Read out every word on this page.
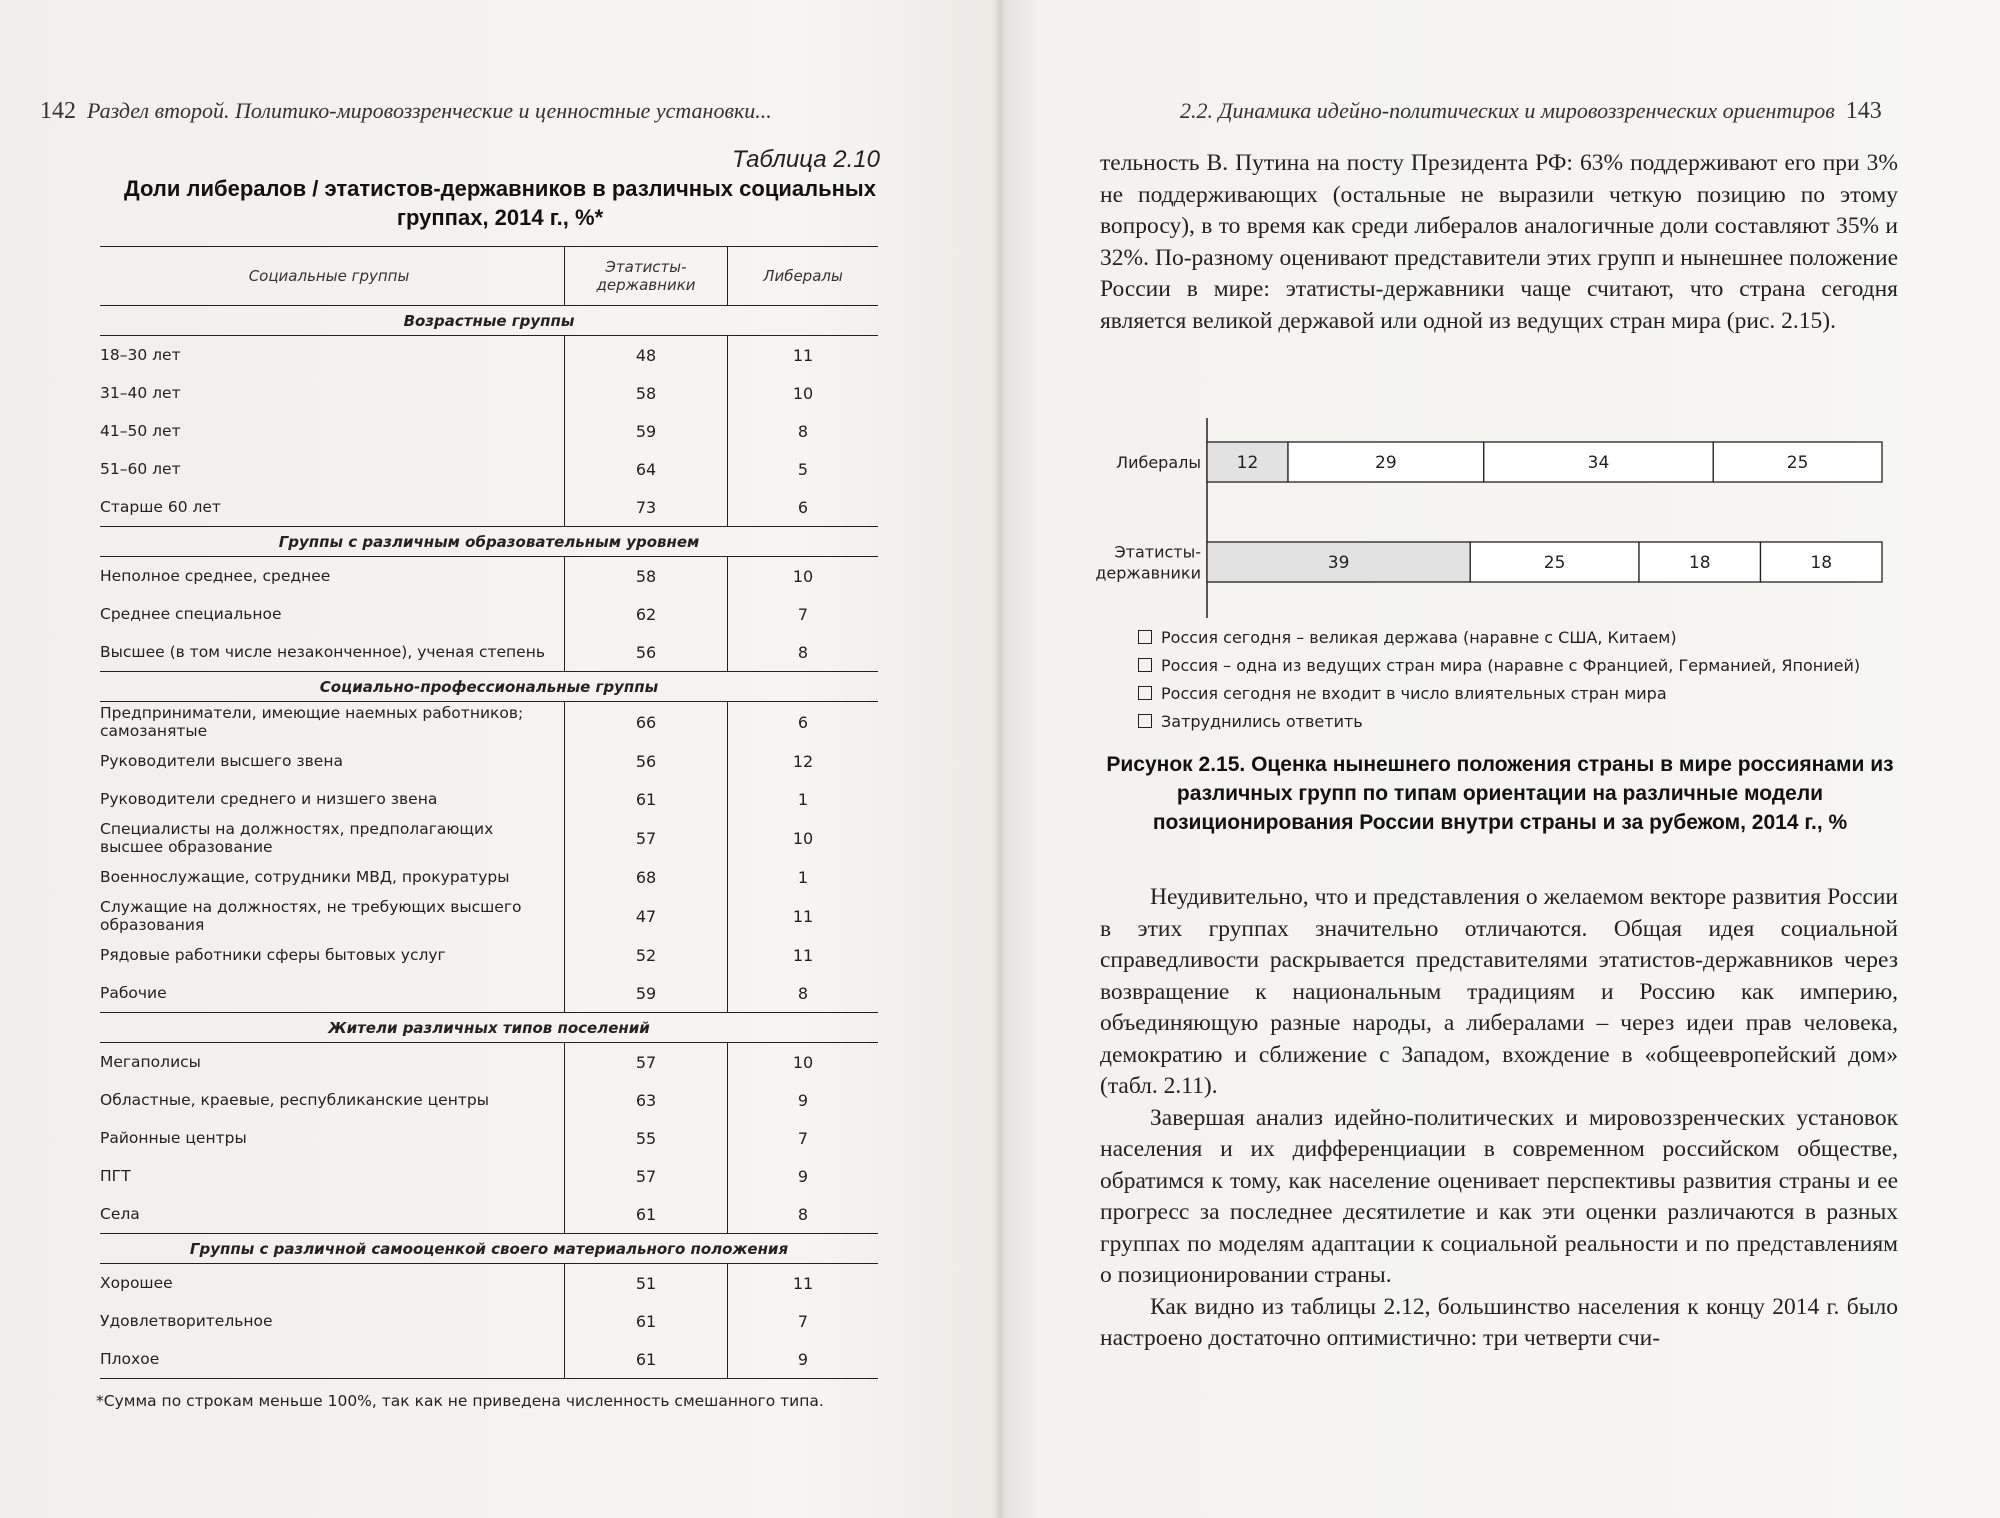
142 Раздел второй. Политико-мировоззренческие и ценностные установки...
Таблица 2.10
Доли либералов / этатистов-державников в различных социальных
группах, 2014 г., %*
Социальные группы	Этатисты-державники	Либералы
Возрастные группы		
18–30 лет	48	11
31–40 лет	58	10
41–50 лет	59	8
51–60 лет	64	5
Старше 60 лет	73	6
Группы с различным образовательным уровнем		
Неполное среднее, среднее	58	10
Среднее специальное	62	7
Высшее (в том числе незаконченное), ученая степень	56	8
Социально-профессиональные группы		
Предприниматели, имеющие наемных работников; самозанятые	66	6
Руководители высшего звена	56	12
Руководители среднего и низшего звена	61	1
Специалисты на должностях, предполагающих высшее образование	57	10
Военнослужащие, сотрудники МВД, прокуратуры	68	1
Служащие на должностях, не требующих высшего образования	47	11
Рядовые работники сферы бытовых услуг	52	11
Рабочие	59	8
Жители различных типов поселений		
Мегаполисы	57	10
Областные, краевые, республиканские центры	63	9
Районные центры	55	7
ПГТ	57	9
Села	61	8
Группы с различной самооценкой своего материального положения		
Хорошее	51	11
Удовлетворительное	61	7
Плохое	61	9
*Сумма по строкам меньше 100%, так как не приведена численность смешанного типа.
2.2. Динамика идейно-политических и мировоззренческих ориентиров 143

тельность В. Путина на посту Президента РФ: 63% поддерживают его при 3% не поддерживающих (остальные не выразили четкую позицию по этому вопросу), в то время как среди либералов аналогичные доли составляют 35% и 32%. По-разному оценивают представители этих групп и нынешнее положение России в мире: этатисты-державники чаще считают, что страна сегодня является великой державой или одной из ведущих стран мира (рис. 2.15).

12	29	34	25
Либералы
39	25	18	18
Этатисты-
державники
Россия сегодня – великая держава (наравне с США, Китаем)
Россия – одна из ведущих стран мира (наравне с Францией, Германией, Японией)
Россия сегодня не входит в число влиятельных стран мира
Затруднились ответить
Рисунок 2.15. Оценка нынешнего положения страны в мире россиянами из различных групп по типам ориентации на различные модели позиционирования России внутри страны и за рубежом, 2014 г., %

Неудивительно, что и представления о желаемом векторе развития России в этих группах значительно отличаются. Общая идея социальной справедливости раскрывается представителями этатистов-державников через возвращение к национальным традициям и Россию как империю, объединяющую разные народы, а либералами – через идеи прав человека, демократию и сближение с Западом, вхождение в «общеевропейский дом» (табл. 2.11).

Завершая анализ идейно-политических и мировоззренческих установок населения и их дифференциации в современном российском обществе, обратимся к тому, как население оценивает перспективы развития страны и ее прогресс за последнее десятилетие и как эти оценки различаются в разных группах по моделям адаптации к социальной реальности и по представлениям о позиционировании страны.

Как видно из таблицы 2.12, большинство населения к концу 2014 г. было настроено достаточно оптимистично: три четверти счи-
